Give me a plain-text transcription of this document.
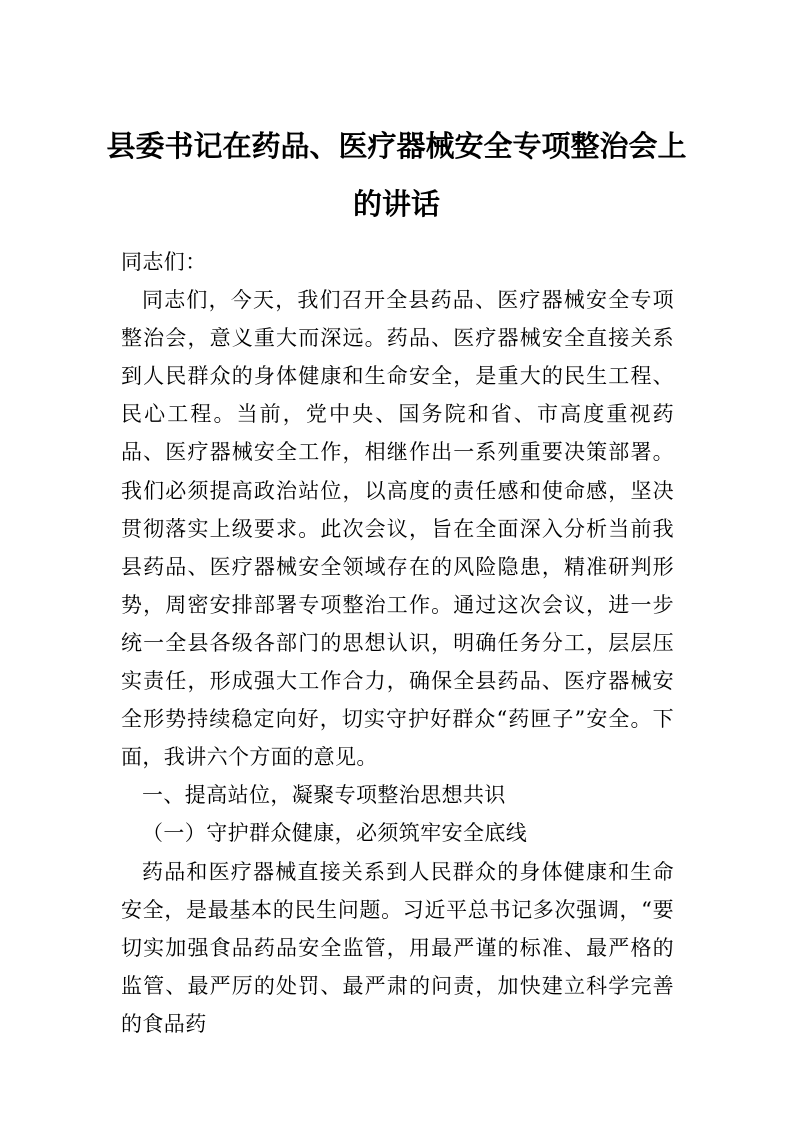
县委书记在药品、医疗器械安全专项整治会上的讲话

同志们：

同志们，今天，我们召开全县药品、医疗器械安全专项整治会，意义重大而深远。药品、医疗器械安全直接关系到人民群众的身体健康和生命安全，是重大的民生工程、民心工程。当前，党中央、国务院和省、市高度重视药品、医疗器械安全工作，相继作出一系列重要决策部署。我们必须提高政治站位，以高度的责任感和使命感，坚决贯彻落实上级要求。此次会议，旨在全面深入分析当前我县药品、医疗器械安全领域存在的风险隐患，精准研判形势，周密安排部署专项整治工作。通过这次会议，进一步统一全县各级各部门的思想认识，明确任务分工，层层压实责任，形成强大工作合力，确保全县药品、医疗器械安全形势持续稳定向好，切实守护好群众“药匣子”安全。下面，我讲六个方面的意见。

一、提高站位，凝聚专项整治思想共识

（一）守护群众健康，必须筑牢安全底线

药品和医疗器械直接关系到人民群众的身体健康和生命安全，是最基本的民生问题。习近平总书记多次强调，“要切实加强食品药品安全监管，用最严谨的标准、最严格的监管、最严厉的处罚、最严肃的问责，加快建立科学完善的食品药
